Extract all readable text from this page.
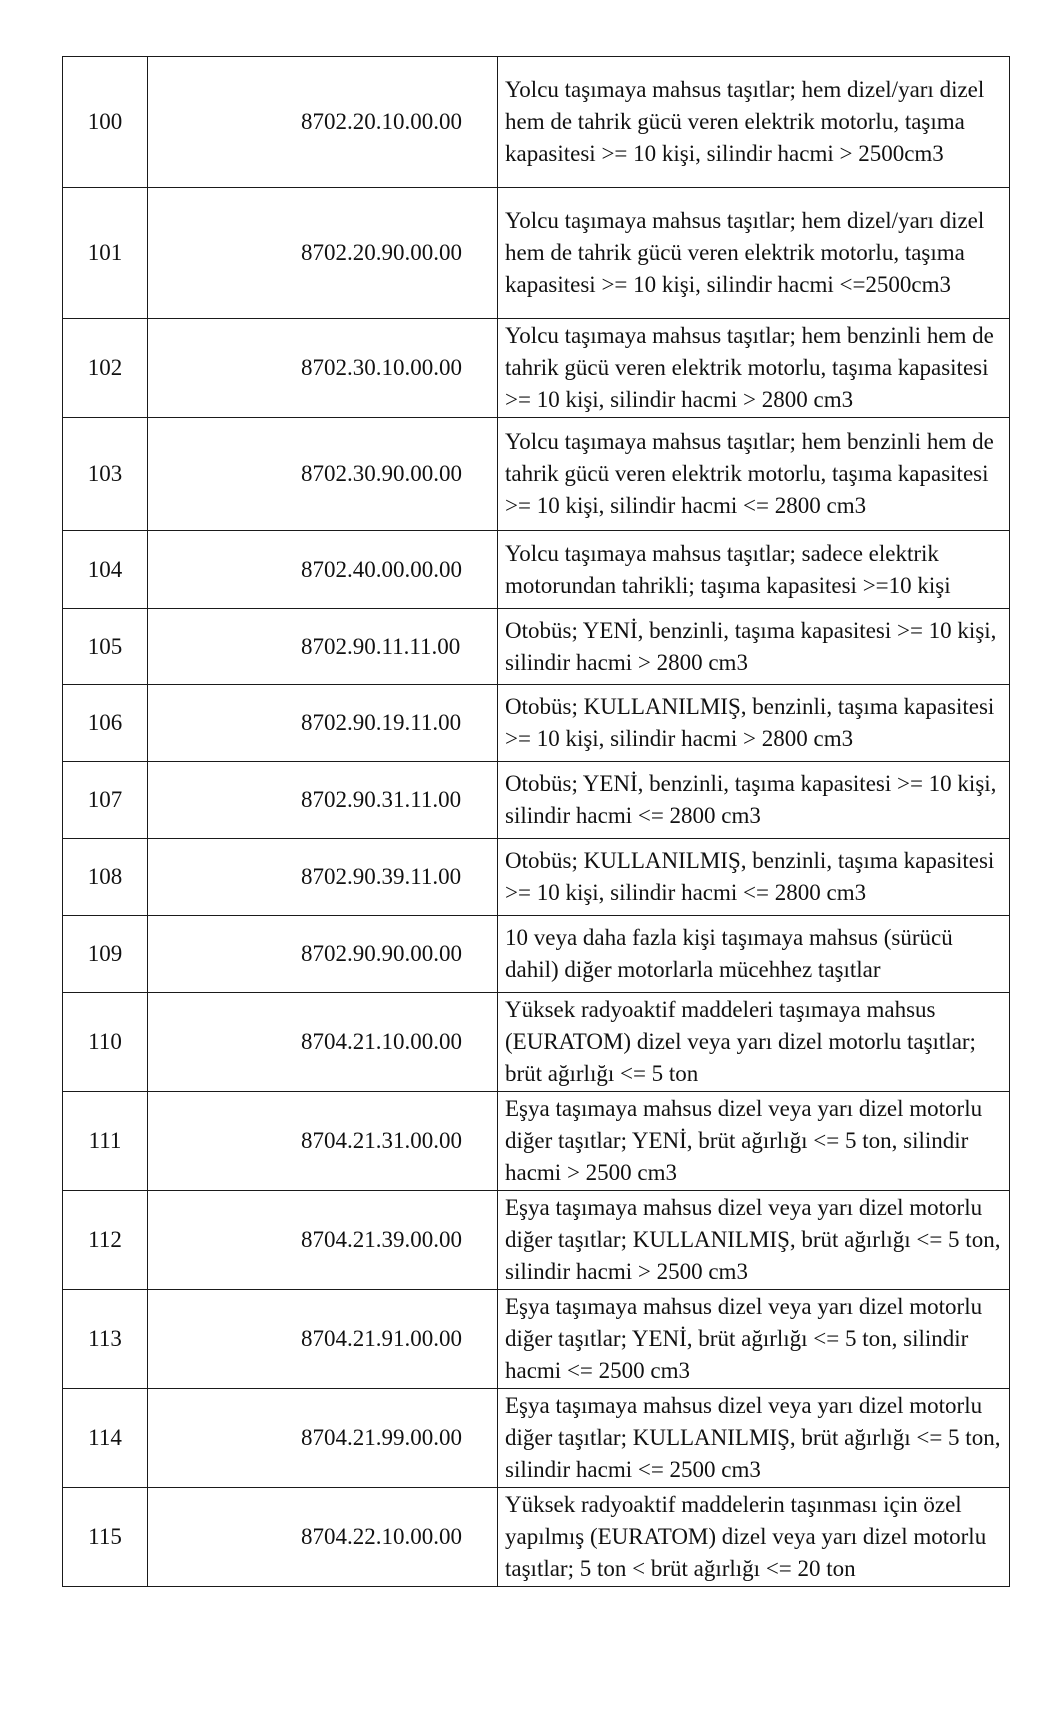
100	8702.20.10.00.00	Yolcu taşımaya mahsus taşıtlar; hem dizel/yarı dizel hem de tahrik gücü veren elektrik motorlu, taşıma kapasitesi >= 10 kişi, silindir hacmi > 2500cm3
101	8702.20.90.00.00	Yolcu taşımaya mahsus taşıtlar; hem dizel/yarı dizel hem de tahrik gücü veren elektrik motorlu, taşıma kapasitesi >= 10 kişi, silindir hacmi <=2500cm3
102	8702.30.10.00.00	Yolcu taşımaya mahsus taşıtlar; hem benzinli hem de tahrik gücü veren elektrik motorlu, taşıma kapasitesi >= 10 kişi, silindir hacmi > 2800 cm3
103	8702.30.90.00.00	Yolcu taşımaya mahsus taşıtlar; hem benzinli hem de tahrik gücü veren elektrik motorlu, taşıma kapasitesi >= 10 kişi, silindir hacmi <= 2800 cm3
104	8702.40.00.00.00	Yolcu taşımaya mahsus taşıtlar; sadece elektrik motorundan tahrikli; taşıma kapasitesi >=10 kişi
105	8702.90.11.11.00	Otobüs; YENİ, benzinli, taşıma kapasitesi >= 10 kişi, silindir hacmi > 2800 cm3
106	8702.90.19.11.00	Otobüs; KULLANILMIŞ, benzinli, taşıma kapasitesi >= 10 kişi, silindir hacmi > 2800 cm3
107	8702.90.31.11.00	Otobüs; YENİ, benzinli, taşıma kapasitesi >= 10 kişi, silindir hacmi <= 2800 cm3
108	8702.90.39.11.00	Otobüs; KULLANILMIŞ, benzinli, taşıma kapasitesi >= 10 kişi, silindir hacmi <= 2800 cm3
109	8702.90.90.00.00	10 veya daha fazla kişi taşımaya mahsus (sürücü dahil) diğer motorlarla mücehhez taşıtlar
110	8704.21.10.00.00	Yüksek radyoaktif maddeleri taşımaya mahsus (EURATOM) dizel veya yarı dizel motorlu taşıtlar; brüt ağırlığı <= 5 ton
111	8704.21.31.00.00	Eşya taşımaya mahsus dizel veya yarı dizel motorlu diğer taşıtlar; YENİ, brüt ağırlığı <= 5 ton, silindir hacmi > 2500 cm3
112	8704.21.39.00.00	Eşya taşımaya mahsus dizel veya yarı dizel motorlu diğer taşıtlar; KULLANILMIŞ, brüt ağırlığı <= 5 ton, silindir hacmi > 2500 cm3
113	8704.21.91.00.00	Eşya taşımaya mahsus dizel veya yarı dizel motorlu diğer taşıtlar; YENİ, brüt ağırlığı <= 5 ton, silindir hacmi <= 2500 cm3
114	8704.21.99.00.00	Eşya taşımaya mahsus dizel veya yarı dizel motorlu diğer taşıtlar; KULLANILMIŞ, brüt ağırlığı <= 5 ton, silindir hacmi <= 2500 cm3
115	8704.22.10.00.00	Yüksek radyoaktif maddelerin taşınması için özel yapılmış (EURATOM) dizel veya yarı dizel motorlu taşıtlar; 5 ton < brüt ağırlığı <= 20 ton
